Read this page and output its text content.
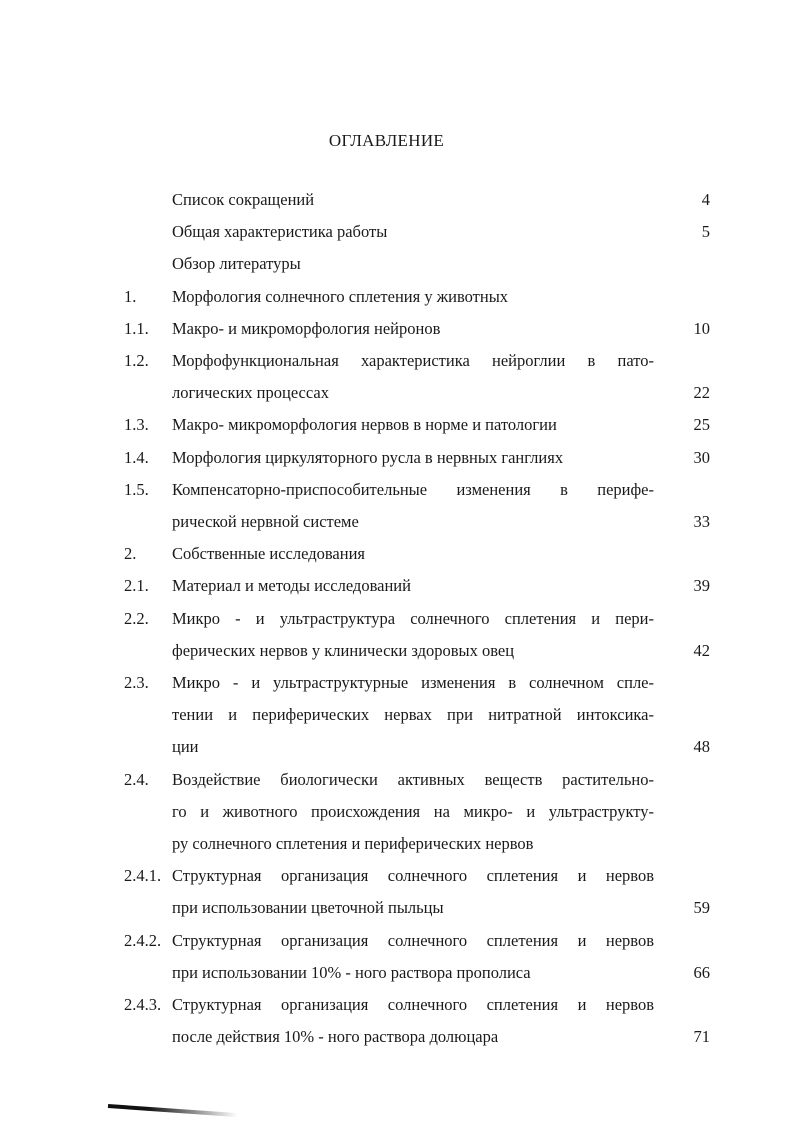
ОГЛАВЛЕНИЕ
Список сокращений	4
Общая характеристика работы	5
Обзор литературы
1.	Морфология солнечного сплетения у животных
1.1.	Макро- и микроморфология нейронов	10
1.2.	Морфофункциональная характеристика нейроглии в пато-
логических процессах	22
1.3.	Макро- микроморфология нервов в норме и патологии	25
1.4.	Морфология циркуляторного русла в нервных ганглиях	30
1.5.	Компенсаторно-приспособительные изменения в перифе-
рической нервной системе	33
2.	Собственные исследования
2.1.	Материал и методы исследований	39
2.2.	Микро - и ультраструктура солнечного сплетения и пери-
ферических нервов у клинически здоровых овец	42
2.3.	Микро - и ультраструктурные изменения в солнечном спле-
тении и периферических нервах при нитратной интоксика-
ции	48
2.4.	Воздействие биологически активных веществ растительно-
го и животного происхождения на микро- и ультраструкту-
ру солнечного сплетения и периферических нервов
2.4.1. Структурная организация солнечного сплетения и нервов
при использовании цветочной пыльцы	59
2.4.2. Структурная организация солнечного сплетения и нервов
при использовании 10% - ного раствора прополиса	66
2.4.3. Структурная организация солнечного сплетения и нервов
после действия 10% - ного раствора долюцара	71
